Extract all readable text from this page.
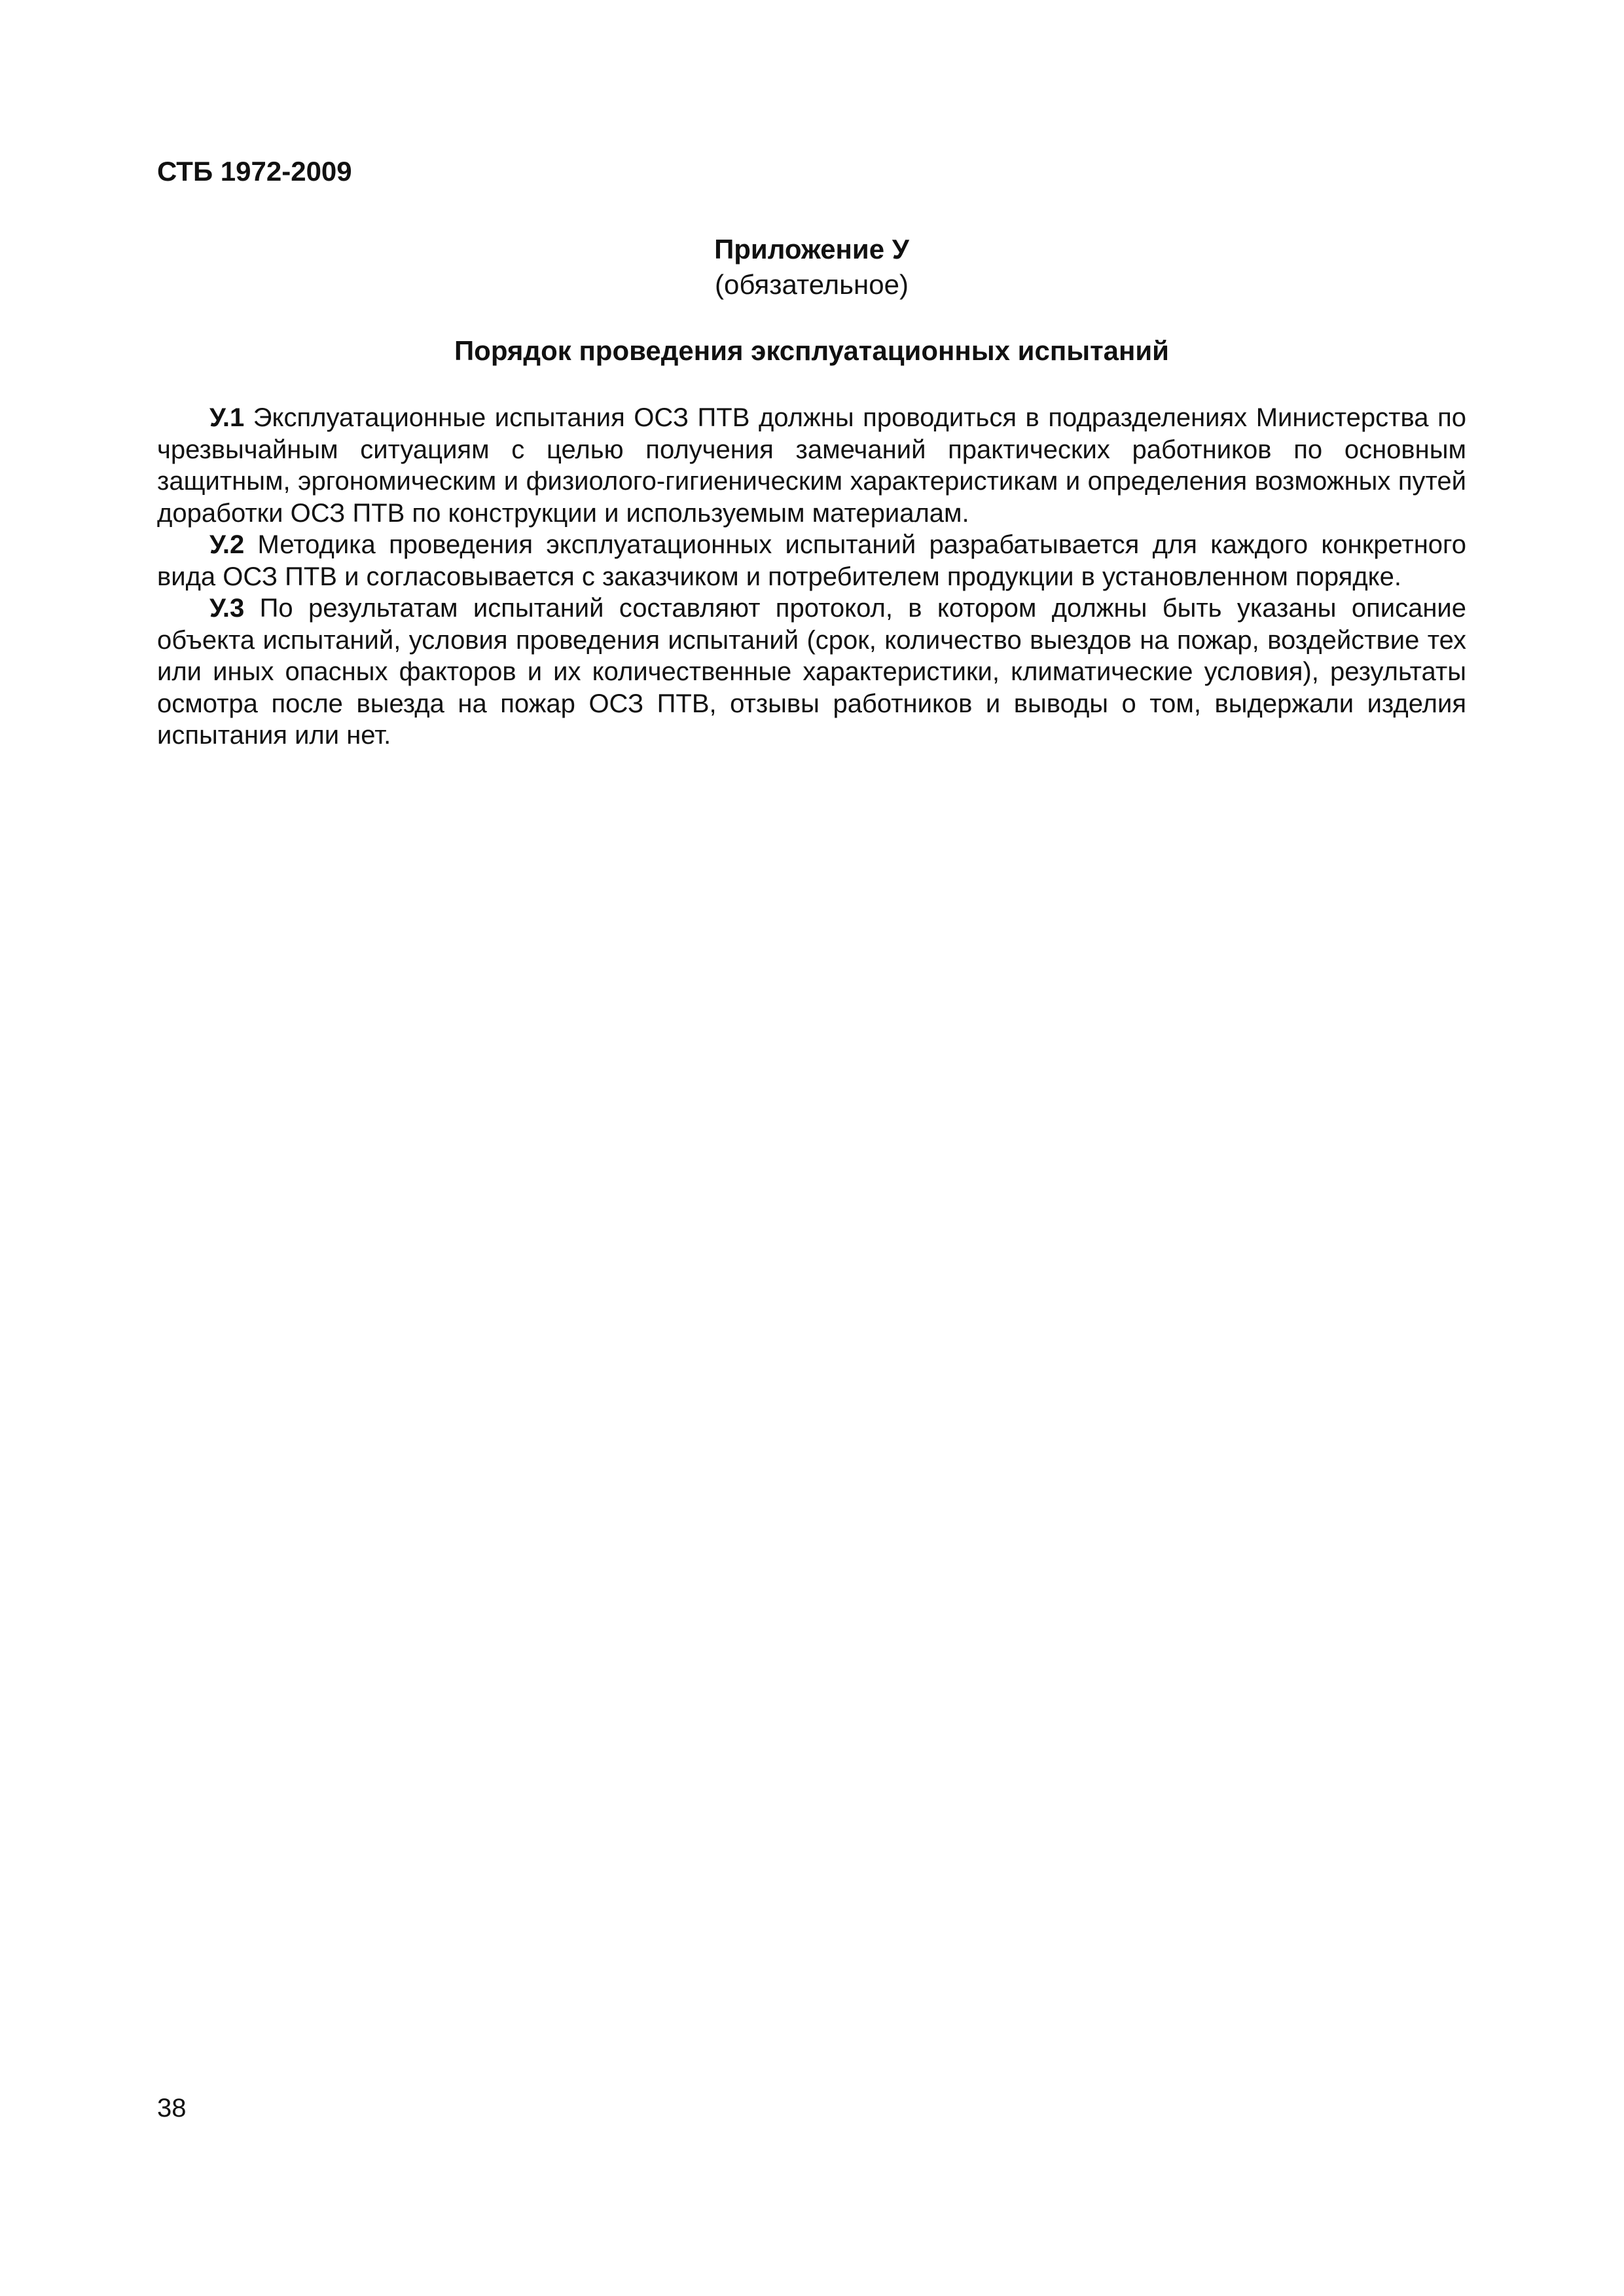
СТБ 1972-2009
Приложение У
(обязательное)
Порядок проведения эксплуатационных испытаний

У.1 Эксплуатационные испытания ОСЗ ПТВ должны проводиться в подразделениях Министерства по чрезвычайным ситуациям с целью получения замечаний практических работников по основным защитным, эргономическим и физиолого-гигиеническим характеристикам и определения возможных путей доработки ОСЗ ПТВ по конструкции и используемым материалам.

У.2 Методика проведения эксплуатационных испытаний разрабатывается для каждого конкретного вида ОСЗ ПТВ и согласовывается с заказчиком и потребителем продукции в установленном порядке.

У.3 По результатам испытаний составляют протокол, в котором должны быть указаны описание объекта испытаний, условия проведения испытаний (срок, количество выездов на пожар, воздействие тех или иных опасных факторов и их количественные характеристики, климатические условия), результаты осмотра после выезда на пожар ОСЗ ПТВ, отзывы работников и выводы о том, выдержали изделия испытания или нет.

38
